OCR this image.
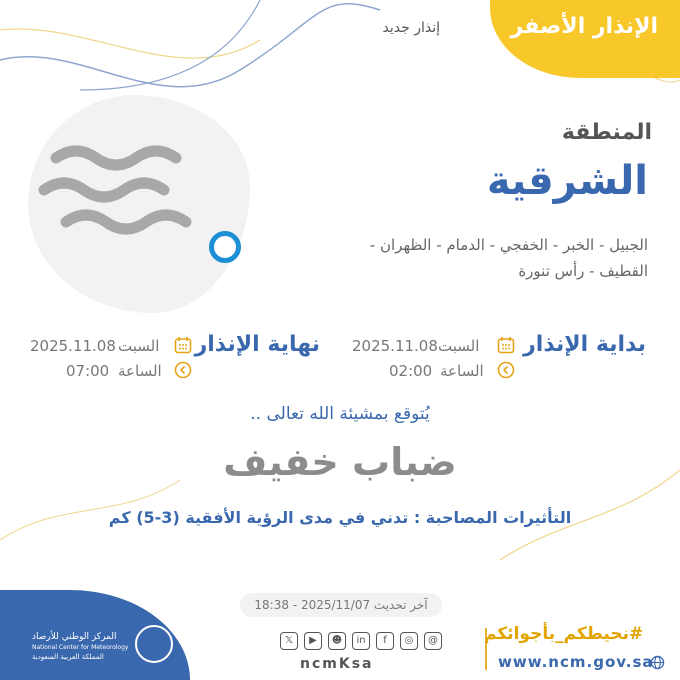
الإنذار الأصفر
إنذار جديد
المنطقة
الشرقية
الجبيل - الخبر - الخفجي - الدمام - الظهران -
القطيف - رأس تنورة
بداية الإنذار
السبت
2025.11.08
الساعة
02:00
نهاية الإنذار
السبت
2025.11.08
الساعة
07:00
يُتوقع بمشيئة الله تعالى ..
ضباب خفيف
التأثيرات المصاحبة : تدني في مدى الرؤية الأفقية (3-5) كم
آخر تحديث 2025/11/07 - 18:38
المركز الوطني للأرصاد
National Center for Meteorology
المملكة العربية السعودية
𝕏	▶	☻	in	f	◎	@
ncmKsa
#نحيطكم_بأجوائكم
www.ncm.gov.sa
